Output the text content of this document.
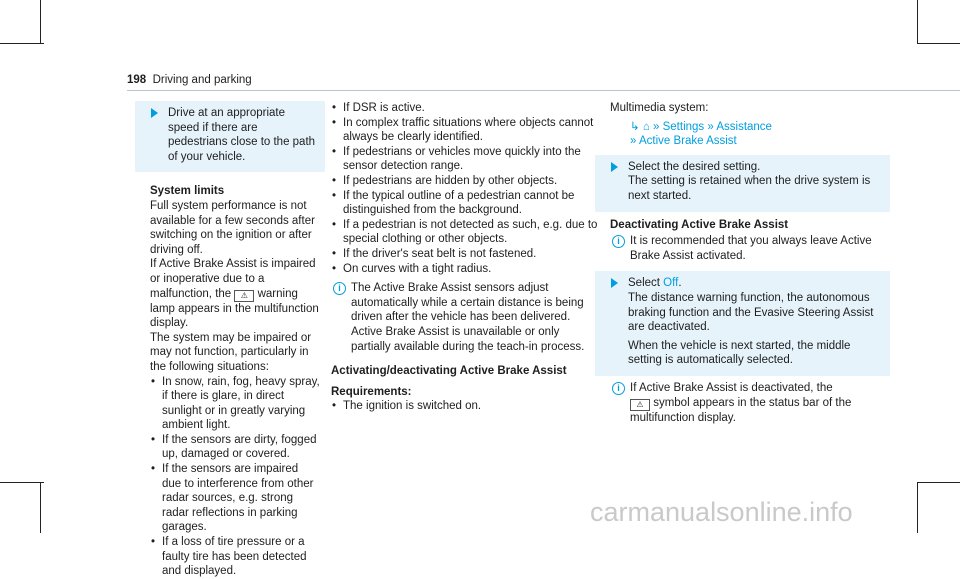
198 Driving and parking

Drive at an appropriate speed if there are pedestrians close to the path of your vehicle.

System limits

Full system performance is not available for a few seconds after switching on the ignition or after driving off.

If Active Brake Assist is impaired or inoperative due to a malfunction, the ⚠ warning lamp appears in the multifunction display.

The system may be impaired or may not function, particularly in the following situations:

• In snow, rain, fog, heavy spray, if there is glare, in direct sunlight or in greatly varying ambient light.
• If the sensors are dirty, fogged up, damaged or covered.
• If the sensors are impaired due to interference from other radar sources, e.g. strong radar reflections in parking garages.
• If a loss of tire pressure or a faulty tire has been detected and displayed.
• If DSR is active.
• In complex traffic situations where objects cannot always be clearly identified.
• If pedestrians or vehicles move quickly into the sensor detection range.
• If pedestrians are hidden by other objects.
• If the typical outline of a pedestrian cannot be distinguished from the background.
• If a pedestrian is not detected as such, e.g. due to special clothing or other objects.
• If the driver's seat belt is not fastened.
• On curves with a tight radius.
i The Active Brake Assist sensors adjust automatically while a certain distance is being driven after the vehicle has been delivered. Active Brake Assist is unavailable or only partially available during the teach-in process.

Activating/deactivating Active Brake Assist

Requirements:

• The ignition is switched on.

Multimedia system:

↳ ⌂ » Settings » Assistance

» Active Brake Assist

Select the desired setting.

The setting is retained when the drive system is next started.

Deactivating Active Brake Assist

i It is recommended that you always leave Active Brake Assist activated.

Select Off.

The distance warning function, the autonomous braking function and the Evasive Steering Assist are deactivated.

When the vehicle is next started, the middle setting is automatically selected.

i If Active Brake Assist is deactivated, the
⚠ symbol appears in the status bar of the multifunction display.

carmanualsonline.info
